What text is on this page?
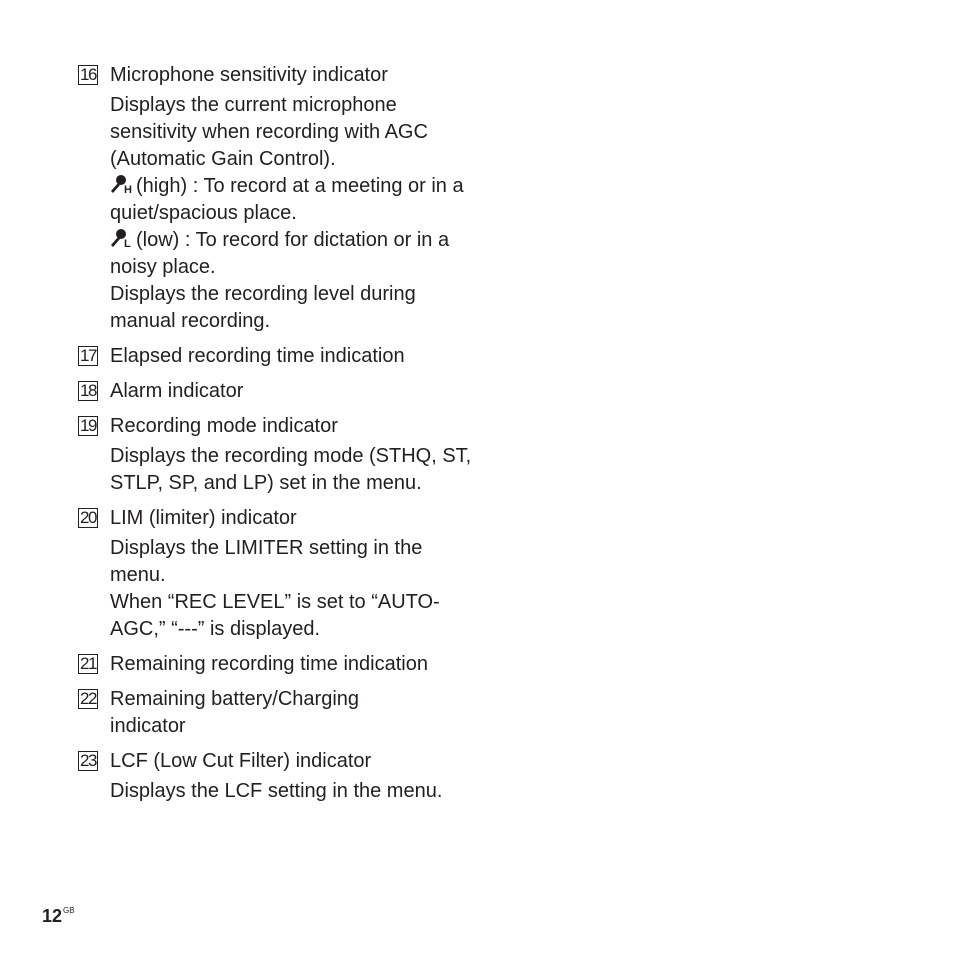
16 Microphone sensitivity indicator

Displays the current microphone sensitivity when recording with AGC (Automatic Gain Control).

H (high) : To record at a meeting or in a quiet/spacious place.

L (low) : To record for dictation or in a noisy place.

Displays the recording level during manual recording.

17 Elapsed recording time indication

18 Alarm indicator

19 Recording mode indicator

Displays the recording mode (STHQ, ST, STLP, SP, and LP) set in the menu.

20 LIM (limiter) indicator

Displays the LIMITER setting in the menu.

When “REC LEVEL” is set to “AUTO-AGC,” “---” is displayed.

21 Remaining recording time indication

22 Remaining battery/Charging indicator

23 LCF (Low Cut Filter) indicator

Displays the LCF setting in the menu.

$12^{GB}$
